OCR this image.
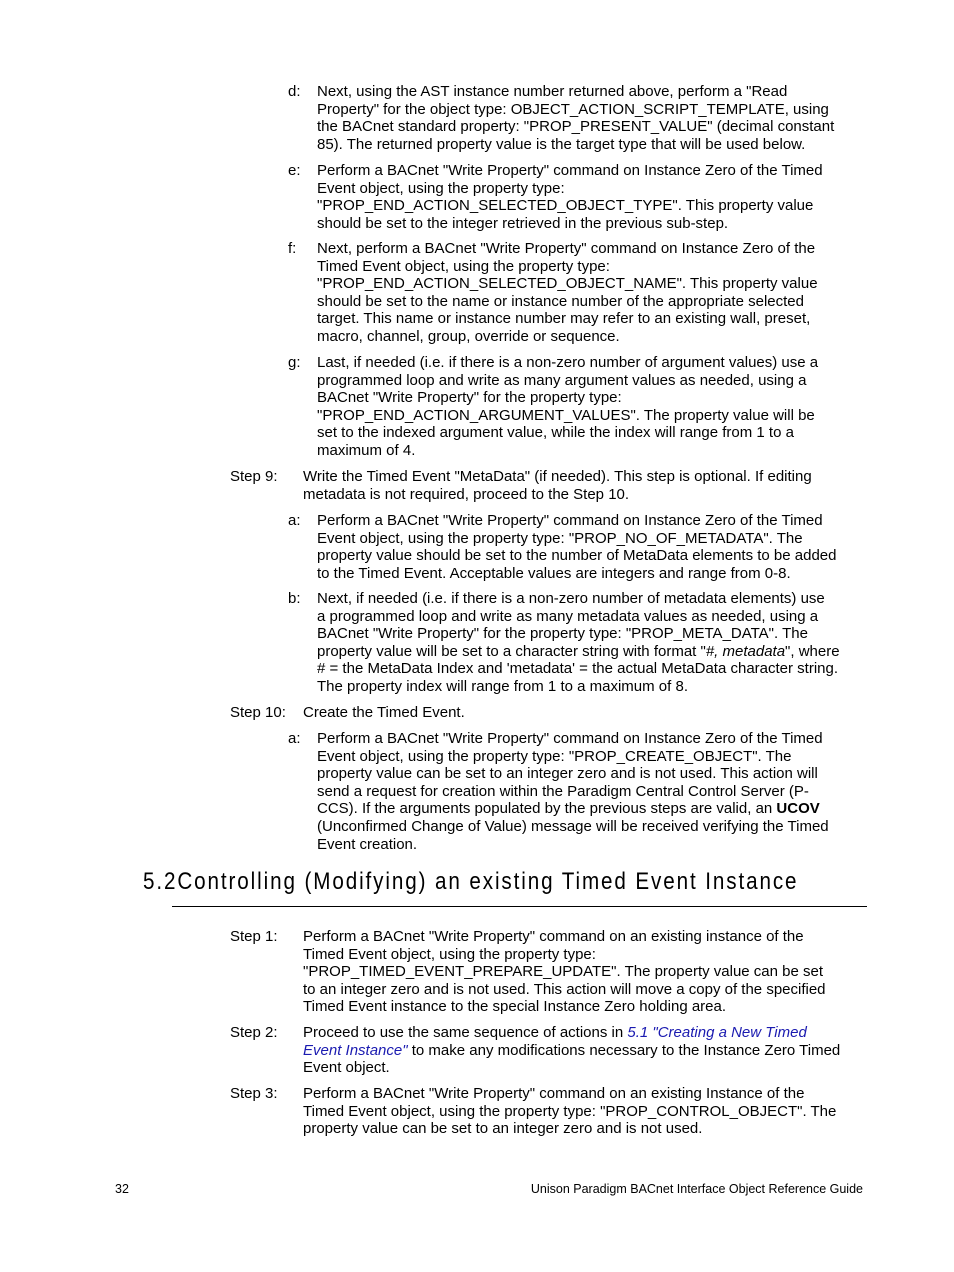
d: Next, using the AST instance number returned above, perform a "Read
Property" for the object type: OBJECT_ACTION_SCRIPT_TEMPLATE, using
the BACnet standard property: "PROP_PRESENT_VALUE" (decimal constant
85). The returned property value is the target type that will be used below.
e: Perform a BACnet "Write Property" command on Instance Zero of the Timed
Event object, using the property type:
"PROP_END_ACTION_SELECTED_OBJECT_TYPE". This property value
should be set to the integer retrieved in the previous sub-step.
f: Next, perform a BACnet "Write Property" command on Instance Zero of the
Timed Event object, using the property type:
"PROP_END_ACTION_SELECTED_OBJECT_NAME". This property value
should be set to the name or instance number of the appropriate selected
target. This name or instance number may refer to an existing wall, preset,
macro, channel, group, override or sequence.
g: Last, if needed (i.e. if there is a non-zero number of argument values) use a
programmed loop and write as many argument values as needed, using a
BACnet "Write Property" for the property type:
"PROP_END_ACTION_ARGUMENT_VALUES". The property value will be
set to the indexed argument value, while the index will range from 1 to a
maximum of 4.
Step 9: Write the Timed Event "MetaData" (if needed). This step is optional. If editing
metadata is not required, proceed to the Step 10.
a: Perform a BACnet "Write Property" command on Instance Zero of the Timed
Event object, using the property type: "PROP_NO_OF_METADATA". The
property value should be set to the number of MetaData elements to be added
to the Timed Event. Acceptable values are integers and range from 0-8.
b: Next, if needed (i.e. if there is a non-zero number of metadata elements) use
a programmed loop and write as many metadata values as needed, using a
BACnet "Write Property" for the property type: "PROP_META_DATA". The
property value will be set to a character string with format "#, metadata", where
# = the MetaData Index and 'metadata' = the actual MetaData character string.
The property index will range from 1 to a maximum of 8.
Step 10: Create the Timed Event.
a: Perform a BACnet "Write Property" command on Instance Zero of the Timed
Event object, using the property type: "PROP_CREATE_OBJECT". The
property value can be set to an integer zero and is not used. This action will
send a request for creation within the Paradigm Central Control Server (P-
CCS). If the arguments populated by the previous steps are valid, an UCOV
(Unconfirmed Change of Value) message will be received verifying the Timed
Event creation.
5.2Controlling (Modifying) an existing Timed Event Instance
Step 1: Perform a BACnet "Write Property" command on an existing instance of the
Timed Event object, using the property type:
"PROP_TIMED_EVENT_PREPARE_UPDATE". The property value can be set
to an integer zero and is not used. This action will move a copy of the specified
Timed Event instance to the special Instance Zero holding area.
Step 2: Proceed to use the same sequence of actions in 5.1 "Creating a New Timed
Event Instance" to make any modifications necessary to the Instance Zero Timed
Event object.
Step 3: Perform a BACnet "Write Property" command on an existing Instance of the
Timed Event object, using the property type: "PROP_CONTROL_OBJECT". The
property value can be set to an integer zero and is not used.
32	Unison Paradigm BACnet Interface Object Reference Guide
